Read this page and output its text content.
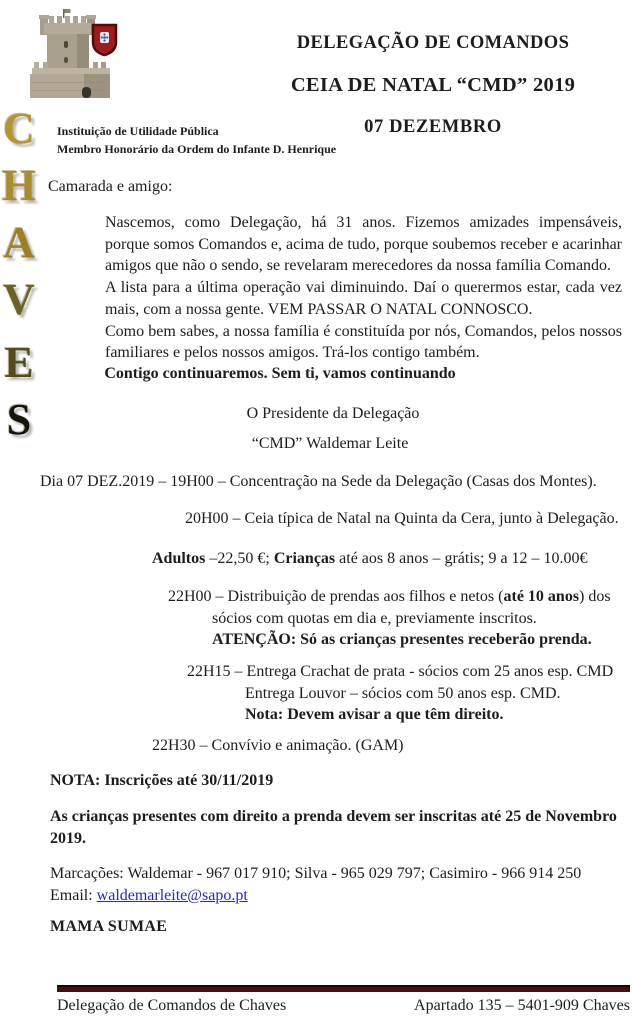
DELEGAÇÃO DE COMANDOS
CEIA DE NATAL “CMD” 2019
07 DEZEMBRO
Instituição de Utilidade Pública
Membro Honorário da Ordem do Infante D. Henrique
C
H
A
V
E
S
Camarada e amigo:

Nascemos, como Delegação, há 31 anos. Fizemos amizades impensáveis, porque somos Comandos e, acima de tudo, porque soubemos receber e acarinhar amigos que não o sendo, se revelaram merecedores da nossa família Comando.

A lista para a última operação vai diminuindo. Daí o querermos estar, cada vez mais, com a nossa gente. VEM PASSAR O NATAL CONNOSCO.

Como bem sabes, a nossa família é constituída por nós, Comandos, pelos nossos familiares e pelos nossos amigos. Trá-los contigo também.

Contigo continuaremos. Sem ti, vamos continuando
O Presidente da Delegação
“CMD” Waldemar Leite
Dia 07 DEZ.2019 – 19H00 – Concentração na Sede da Delegação (Casas dos Montes).
20H00 – Ceia típica de Natal na Quinta da Cera, junto à Delegação.
Adultos –22,50 €; Crianças até aos 8 anos – grátis; 9 a 12 – 10.00€
22H00 – Distribuição de prendas aos filhos e netos (até 10 anos) dos
sócios com quotas em dia e, previamente inscritos.
ATENÇÃO: Só as crianças presentes receberão prenda.
22H15 – Entrega Crachat de prata - sócios com 25 anos esp. CMD
Entrega Louvor – sócios com 50 anos esp. CMD.
Nota: Devem avisar a que têm direito.
22H30 – Convívio e animação. (GAM)
NOTA: Inscrições até 30/11/2019
As crianças presentes com direito a prenda devem ser inscritas até 25 de Novembro 2019.
Marcações: Waldemar - 967 017 910; Silva - 965 029 797; Casimiro - 966 914 250
Email: waldemarleite@sapo.pt
MAMA SUMAE
Delegação de Comandos de Chaves	Apartado 135 – 5401-909 Chaves
